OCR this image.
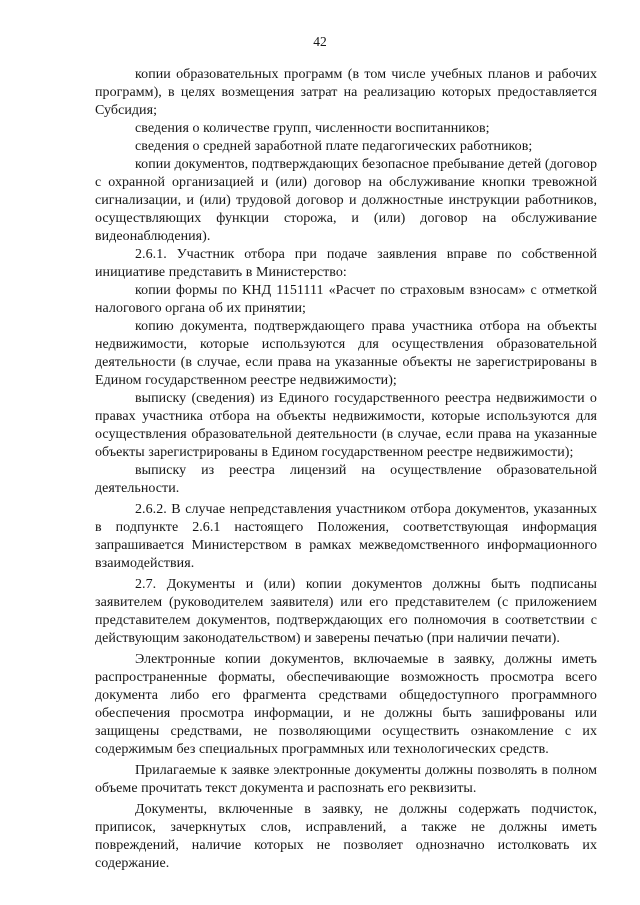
42

копии образовательных программ (в том числе учебных планов и рабочих программ), в целях возмещения затрат на реализацию которых предоставляется Субсидия;

сведения о количестве групп, численности воспитанников;

сведения о средней заработной плате педагогических работников;

копии документов, подтверждающих безопасное пребывание детей (договор с охранной организацией и (или) договор на обслуживание кнопки тревожной сигнализации, и (или) трудовой договор и должностные инструкции работников, осуществляющих функции сторожа, и (или) договор на обслуживание видеонаблюдения).

2.6.1. Участник отбора при подаче заявления вправе по собственной инициативе представить в Министерство:

копии формы по КНД 1151111 «Расчет по страховым взносам» с отметкой налогового органа об их принятии;

копию документа, подтверждающего права участника отбора на объекты недвижимости, которые используются для осуществления образовательной деятельности (в случае, если права на указанные объекты не зарегистрированы в Едином государственном реестре недвижимости);

выписку (сведения) из Единого государственного реестра недвижимости о правах участника отбора на объекты недвижимости, которые используются для осуществления образовательной деятельности (в случае, если права на указанные объекты зарегистрированы в Едином государственном реестре недвижимости);

выписку из реестра лицензий на осуществление образовательной деятельности.

2.6.2. В случае непредставления участником отбора документов, указанных в подпункте 2.6.1 настоящего Положения, соответствующая информация запрашивается Министерством в рамках межведомственного информационного взаимодействия.

2.7. Документы и (или) копии документов должны быть подписаны заявителем (руководителем заявителя) или его представителем (с приложением представителем документов, подтверждающих его полномочия в соответствии с действующим законодательством) и заверены печатью (при наличии печати).

Электронные копии документов, включаемые в заявку, должны иметь распространенные форматы, обеспечивающие возможность просмотра всего документа либо его фрагмента средствами общедоступного программного обеспечения просмотра информации, и не должны быть зашифрованы или защищены средствами, не позволяющими осуществить ознакомление с их содержимым без специальных программных или технологических средств.

Прилагаемые к заявке электронные документы должны позволять в полном объеме прочитать текст документа и распознать его реквизиты.

Документы, включенные в заявку, не должны содержать подчисток, приписок, зачеркнутых слов, исправлений, а также не должны иметь повреждений, наличие которых не позволяет однозначно истолковать их содержание.
